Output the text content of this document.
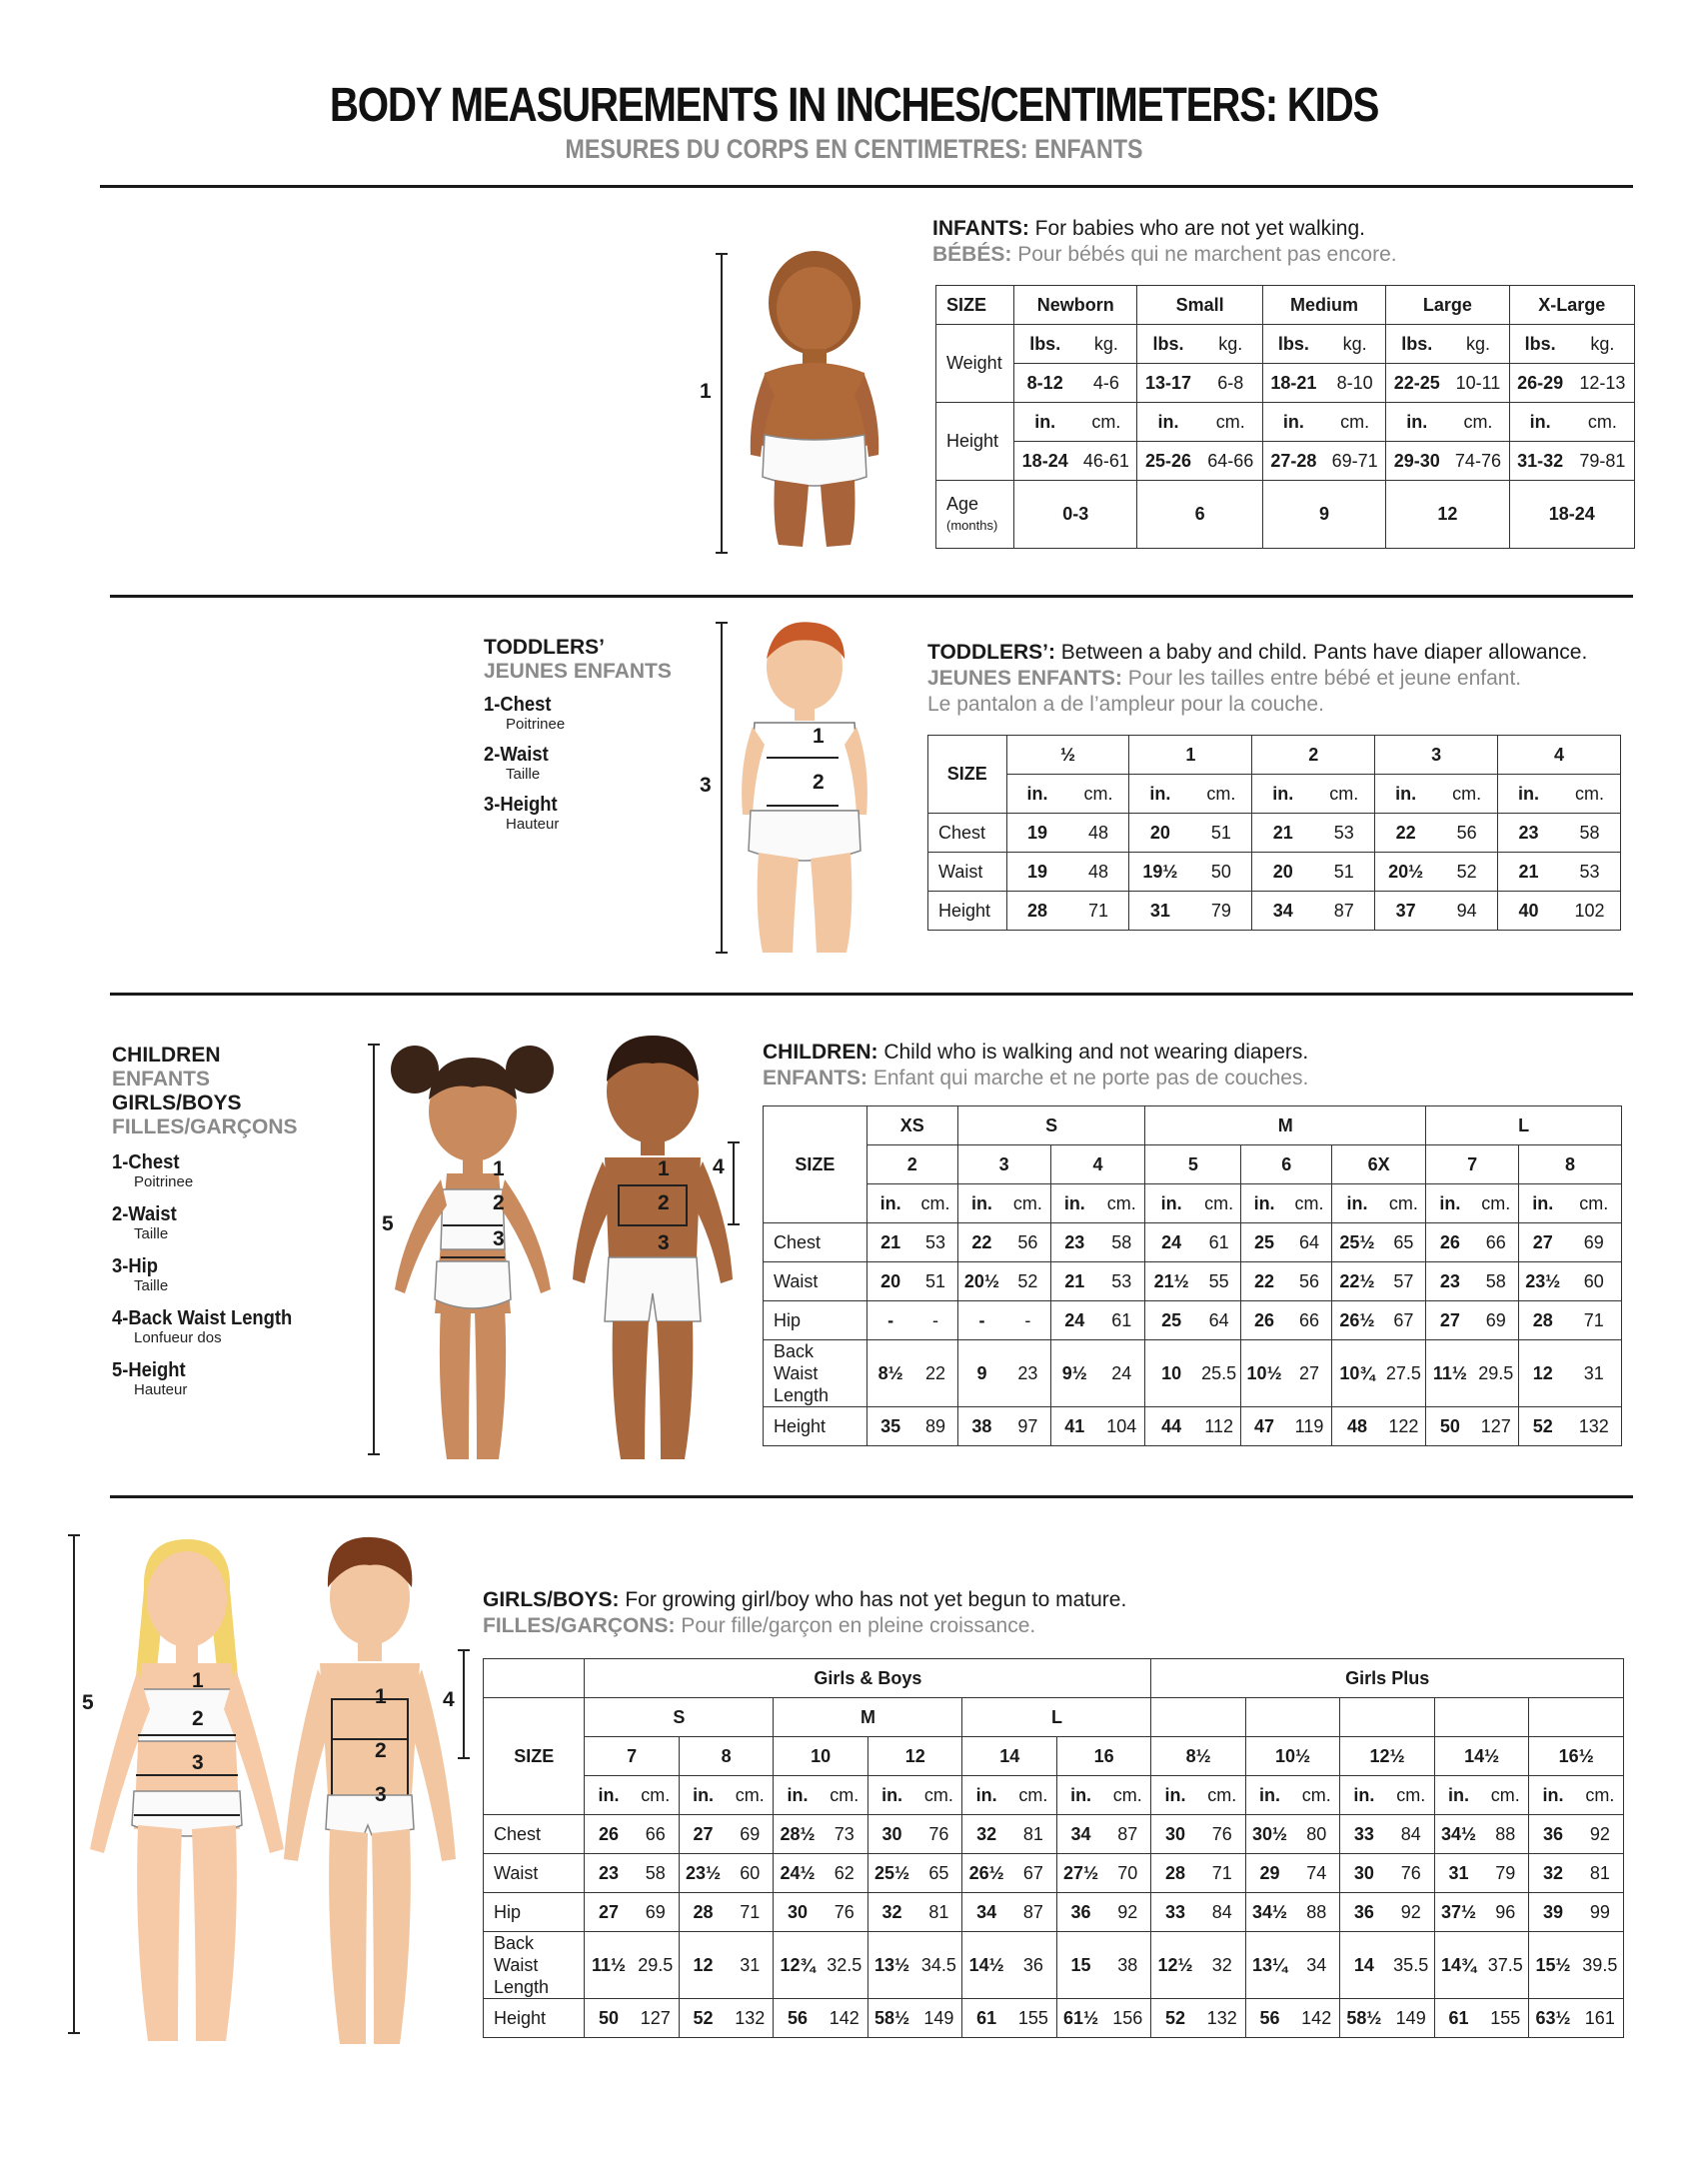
BODY MEASUREMENTS IN INCHES/CENTIMETERS: KIDS
MESURES DU CORPS EN CENTIMETRES: ENFANTS
INFANTS: For babies who are not yet walking.
BÉBÉS: Pour bébés qui ne marchent pas encore.
1
SIZE	Newborn		Small		Medium		Large		X-Large	
Weight	lbs.	kg.	lbs.	kg.	lbs.	kg.	lbs.	kg.	lbs.	kg.
	8-12	4-6	13-17	6-8	18-21	8-10	22-25	10-11	26-29	12-13
Height	in.	cm.	in.	cm.	in.	cm.	in.	cm.	in.	cm.
	18-24	46-61	25-26	64-66	27-28	69-71	29-30	74-76	31-32	79-81
Age
(months)	0-3		6		9		12		18-24	
TODDLERS’
JEUNES ENFANTS
1-Chest
Poitrinee
2-Waist
Taille
3-Height
Hauteur
3
1
2
TODDLERS’: Between a baby and child. Pants have diaper allowance.
JEUNES ENFANTS: Pour les tailles entre bébé et jeune enfant.
Le pantalon a de l’ampleur pour la couche.
SIZE	½		1		2		3		4	
	in.	cm.	in.	cm.	in.	cm.	in.	cm.	in.	cm.
Chest	19	48	20	51	21	53	22	56	23	58
Waist	19	48	19½	50	20	51	20½	52	21	53
Height	28	71	31	79	34	87	37	94	40	102
CHILDREN
ENFANTS
GIRLS/BOYS
FILLES/GARÇONS
1-Chest
Poitrinee
2-Waist
Taille
3-Hip
Taille
4-Back Waist Length
Lonfueur dos
5-Height
Hauteur
5
1
2
3
1
2
3
4
CHILDREN: Child who is walking and not wearing diapers.
ENFANTS: Enfant qui marche et ne porte pas de couches.
SIZE	XS		S				M						L			
	2		3		4		5		6		6X		7		8	
	in.	cm.	in.	cm.	in.	cm.	in.	cm.	in.	cm.	in.	cm.	in.	cm.	in.	cm.
Chest	21	53	22	56	23	58	24	61	25	64	25½	65	26	66	27	69
Waist	20	51	20½	52	21	53	21½	55	22	56	22½	57	23	58	23½	60
Hip	-	-	-	-	24	61	25	64	26	66	26½	67	27	69	28	71
Back Waist Length	8½	22	9	23	9½	24	10	25.5	10½	27	10¾	27.5	11½	29.5	12	31
Height	35	89	38	97	41	104	44	112	47	119	48	122	50	127	52	132
5
1
2
3
1
2
3
4
GIRLS/BOYS: For growing girl/boy who has not yet begun to mature.
FILLES/GARÇONS: Pour fille/garçon en pleine croissance.
	Girls & Boys												Girls Plus									
SIZE	S				M				L													
	7		8		10		12		14		16		8½		10½		12½		14½		16½	
	in.	cm.	in.	cm.	in.	cm.	in.	cm.	in.	cm.	in.	cm.	in.	cm.	in.	cm.	in.	cm.	in.	cm.	in.	cm.
Chest	26	66	27	69	28½	73	30	76	32	81	34	87	30	76	30½	80	33	84	34½	88	36	92
Waist	23	58	23½	60	24½	62	25½	65	26½	67	27½	70	28	71	29	74	30	76	31	79	32	81
Hip	27	69	28	71	30	76	32	81	34	87	36	92	33	84	34½	88	36	92	37½	96	39	99
Back Waist Length	11½	29.5	12	31	12¾	32.5	13½	34.5	14½	36	15	38	12½	32	13¼	34	14	35.5	14¾	37.5	15½	39.5
Height	50	127	52	132	56	142	58½	149	61	155	61½	156	52	132	56	142	58½	149	61	155	63½	161
